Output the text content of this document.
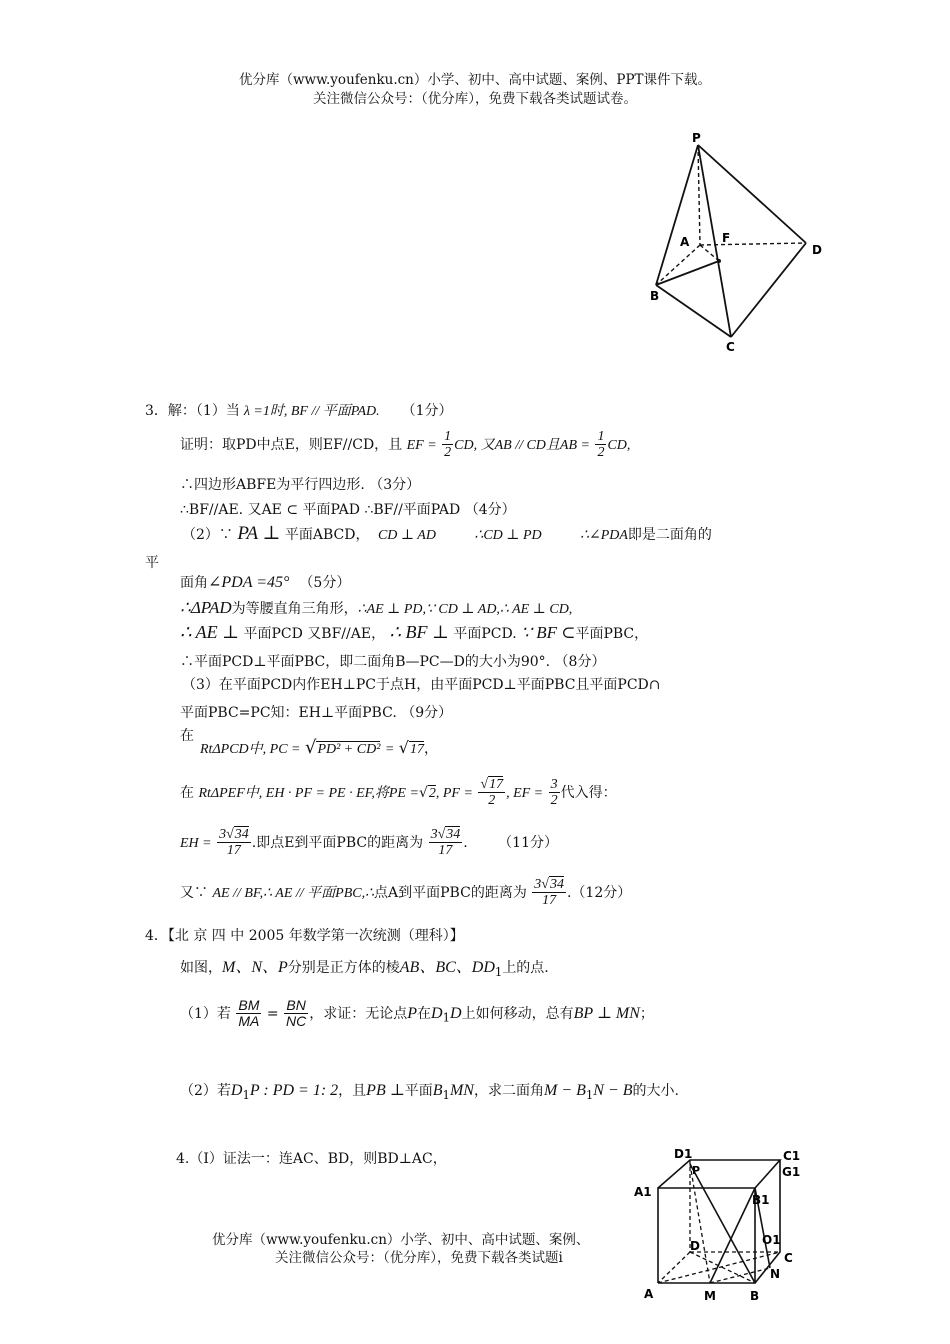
优分库（www.youfenku.cn）小学、初中、高中试题、案例、PPT课件下载。
关注微信公众号：（优分库），免费下载各类试题试卷。
P
A	F
D
B
C
3．解：（1）当 λ =1时, BF // 平面PAD. （1分）
证明：取PD中点E，则EF//CD，且 EF = $\frac{1}{2}$ CD, 又AB // CD且AB = $\frac{1}{2}$ CD,
∴四边形ABFE为平行四边形. （3分）
∴BF//AE. 又AE ⊂ 平面PAD ∴BF//平面PAD （4分）
（2）∵ PA ⊥ 平面ABCD， CD ⊥ AD	∴CD ⊥ PD	∴∠PDA即是二面角的
平
面角∠PDA =45° （5分）
∴ΔPAD为等腰直角三角形，∴AE ⊥ PD,∵ CD ⊥ AD,∴ AE ⊥ CD,
∴ AE ⊥ 平面PCD 又BF//AE， ∴ BF ⊥ 平面PCD. ∵ BF ⊂平面PBC，
∴平面PCD⊥平面PBC，即二面角B—PC—D的大小为90°. （8分）
（3）在平面PCD内作EH⊥PC于点H，由平面PCD⊥平面PBC且平面PCD∩
平面PBC=PC知：EH⊥平面PBC. （9分）
在
RtΔPCD中, PC = √PD² + CD² = √17，
在 RtΔPEF中, EH · PF = PE · EF,将PE =√2, PF = $\frac{√17}{2}$ , EF = $\frac{3}{2}$ 代入得：
EH = $\frac{3√34}{17}$ .即点E到平面PBC的距离为 $\frac{3√34}{17}$ . （11分）
又∵ AE // BF,∴ AE // 平面PBC,∴点A到平面PBC的距离为 $\frac{3√34}{17} .(12$分）
4．【北 京 四 中 2005 年数学第一次统测（理科）】
如图，M、N、P分别是正方体的棱AB、BC、$DD_1$上的点.
（1）若 $\frac{BM}{MA} = \frac{BN}{NC}$ ，求证：无论点P在$D_1D$上如何移动，总有BP ⊥ MN；
（2）若$D_1P$ : PD = 1: 2，且PB ⊥平面$B_1MN$，求二面角$M - B_1N - B$的大小.
4.（I）证法一：连AC、BD，则BD⊥AC，	D1
P
C1
G1
A1
B1
D	O1
C
N
A	M	B
优分库（www.youfenku.cn）小学、初中、高中试题、案例、
关注微信公众号：（优分库），免费下载各类试题i
